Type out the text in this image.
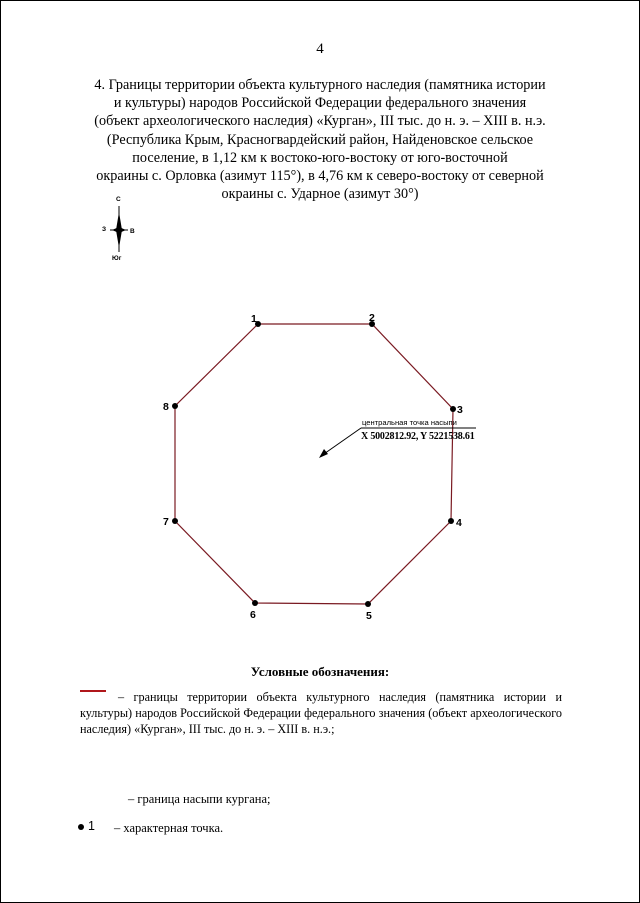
4
4. Границы территории объекта культурного наследия (памятника истории
и культуры) народов Российской Федерации федерального значения
(объект археологического наследия) «Курган», III тыс. до н. э. – XIII в. н.э.
(Республика Крым, Красногвардейский район, Найденовское сельское
поселение, в 1,12 км к востоко-юго-востоку от юго-восточной
окраины с. Орловка (азимут 115°), в 4,76 км к северо-востоку от северной
окраины с. Ударное (азимут 30°)
С
Юг
З	В
1	2
3
4
5
6
7
8
центральная точка насыпи
X 5002812.92, Y 5221538.61
Условные обозначения:
– границы территории объекта культурного наследия (памятника истории и культуры) народов Российской Федерации федерального значения (объект археологического наследия) «Курган», III тыс. до н. э. – XIII в. н.э.;
– граница насыпи кургана;
1 – характерная точка.
